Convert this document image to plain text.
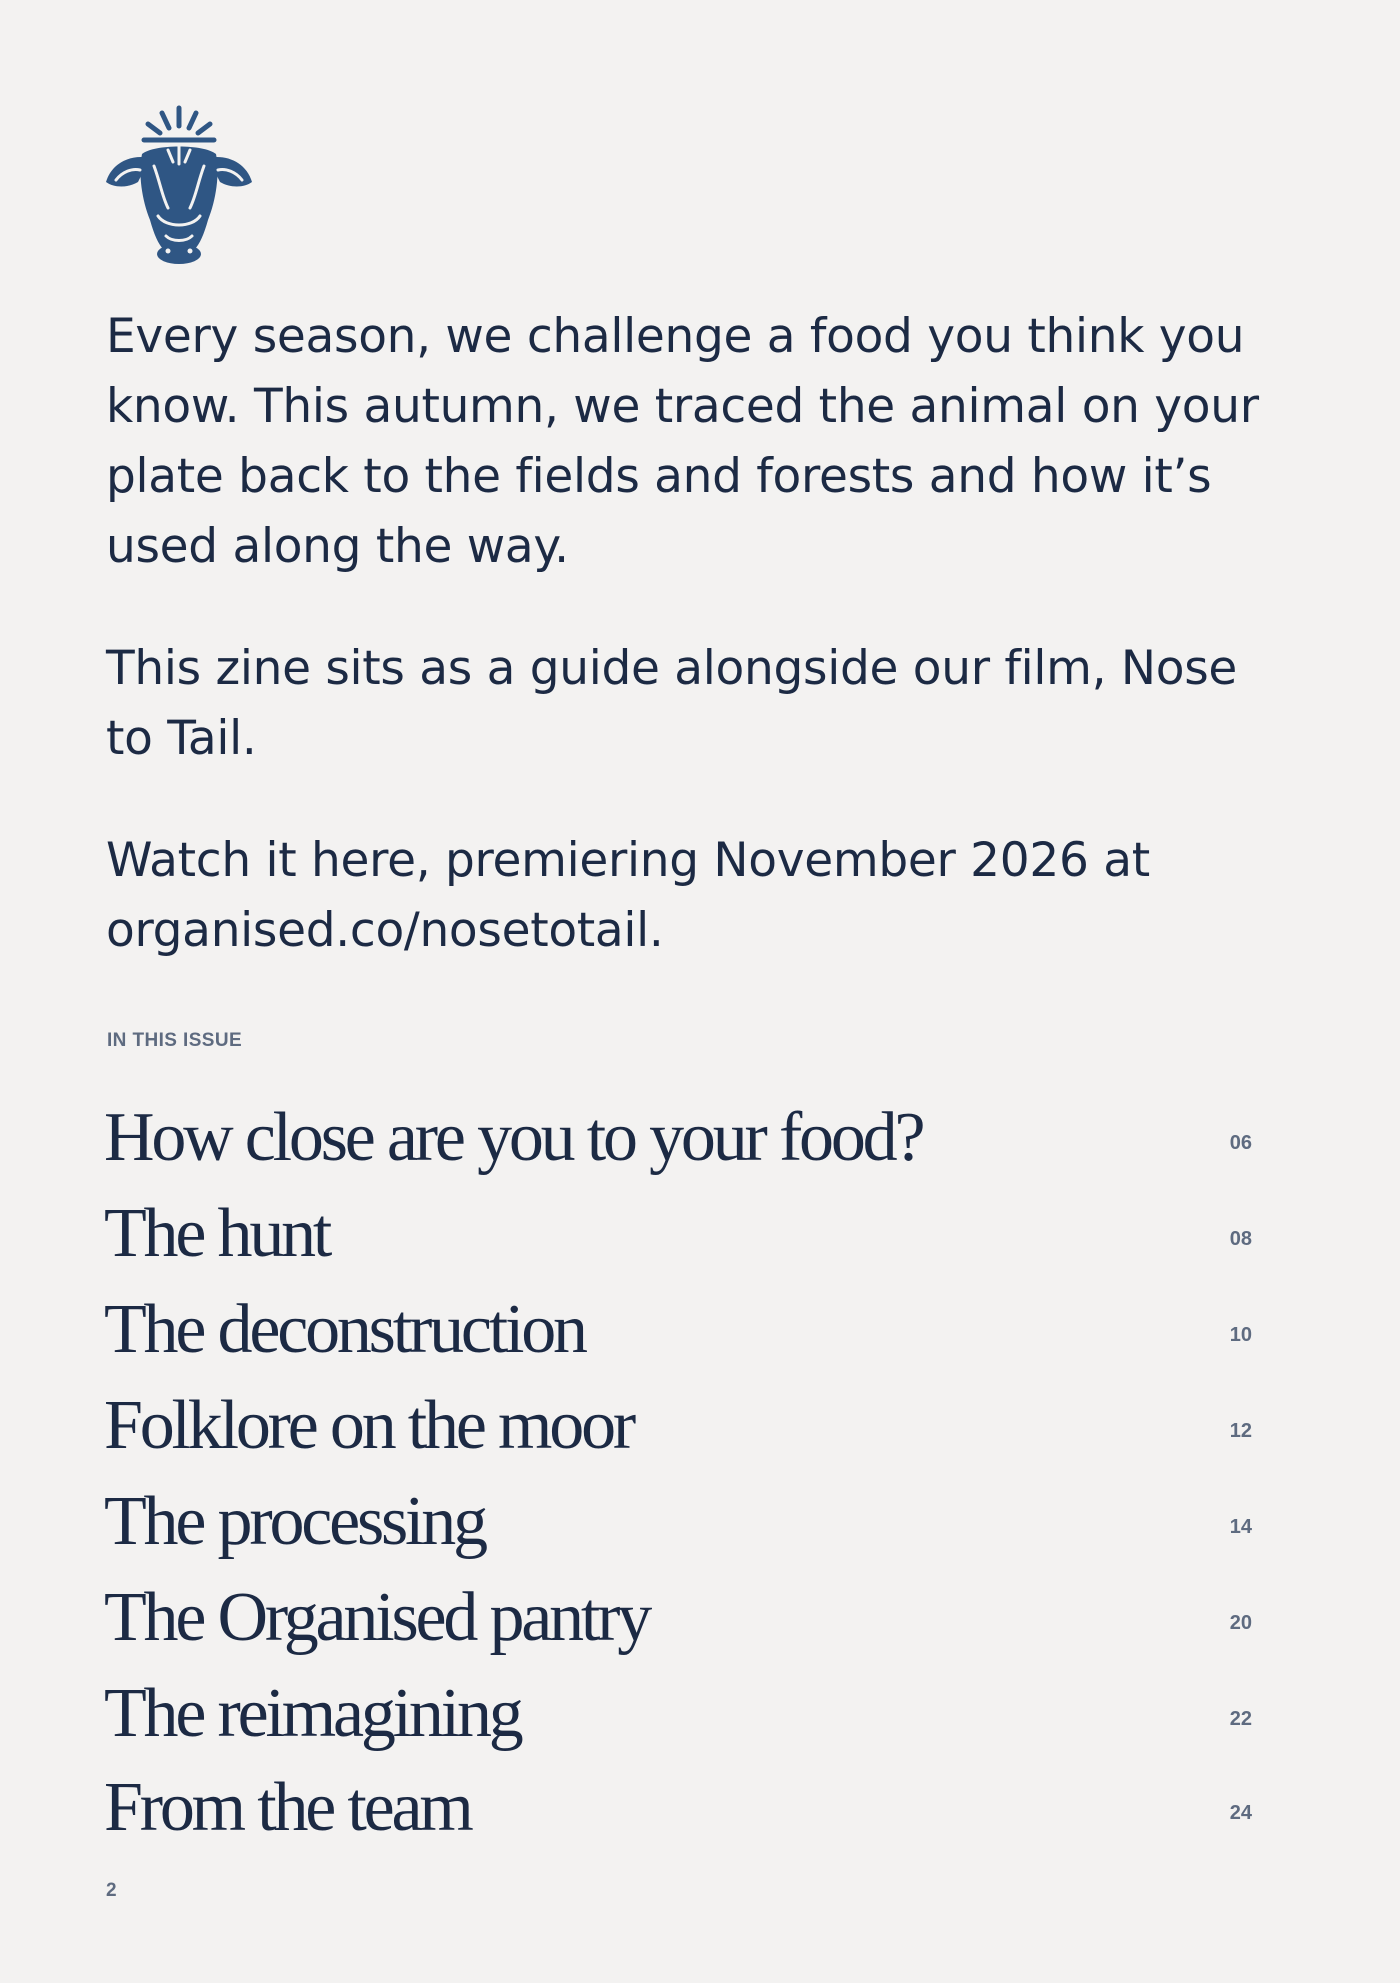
Every season, we challenge a food you think you know. This autumn, we traced the animal on your plate back to the fields and forests and how it’s used along the way.

This zine sits as a guide alongside our film, Nose to Tail.

Watch it here, premiering November 2026 at organised.co/nosetotail.

IN THIS ISSUE
How close are you to your food?	06
The hunt	08
The deconstruction	10
Folklore on the moor	12
The processing	14
The Organised pantry	20
The reimagining	22
From the team	24
2
